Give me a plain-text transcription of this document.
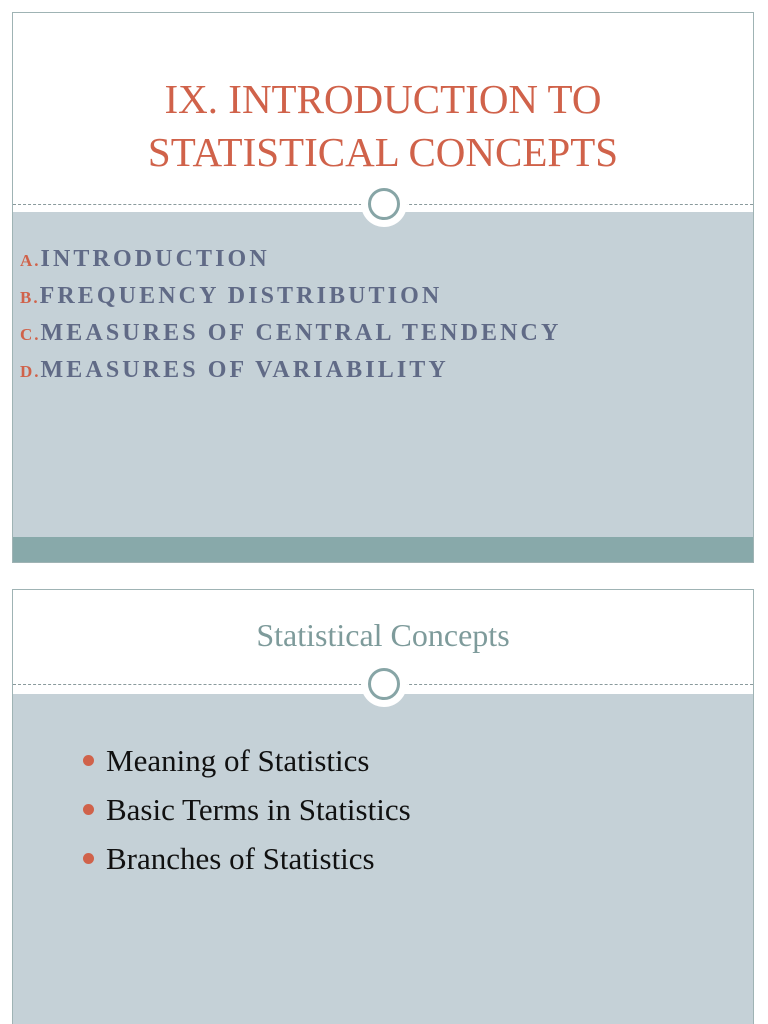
IX. INTRODUCTION TO
STATISTICAL CONCEPTS
A.INTRODUCTION
B.FREQUENCY DISTRIBUTION
C.MEASURES OF CENTRAL TENDENCY
D.MEASURES OF VARIABILITY
Statistical Concepts
Meaning of Statistics
Basic Terms in Statistics
Branches of Statistics
